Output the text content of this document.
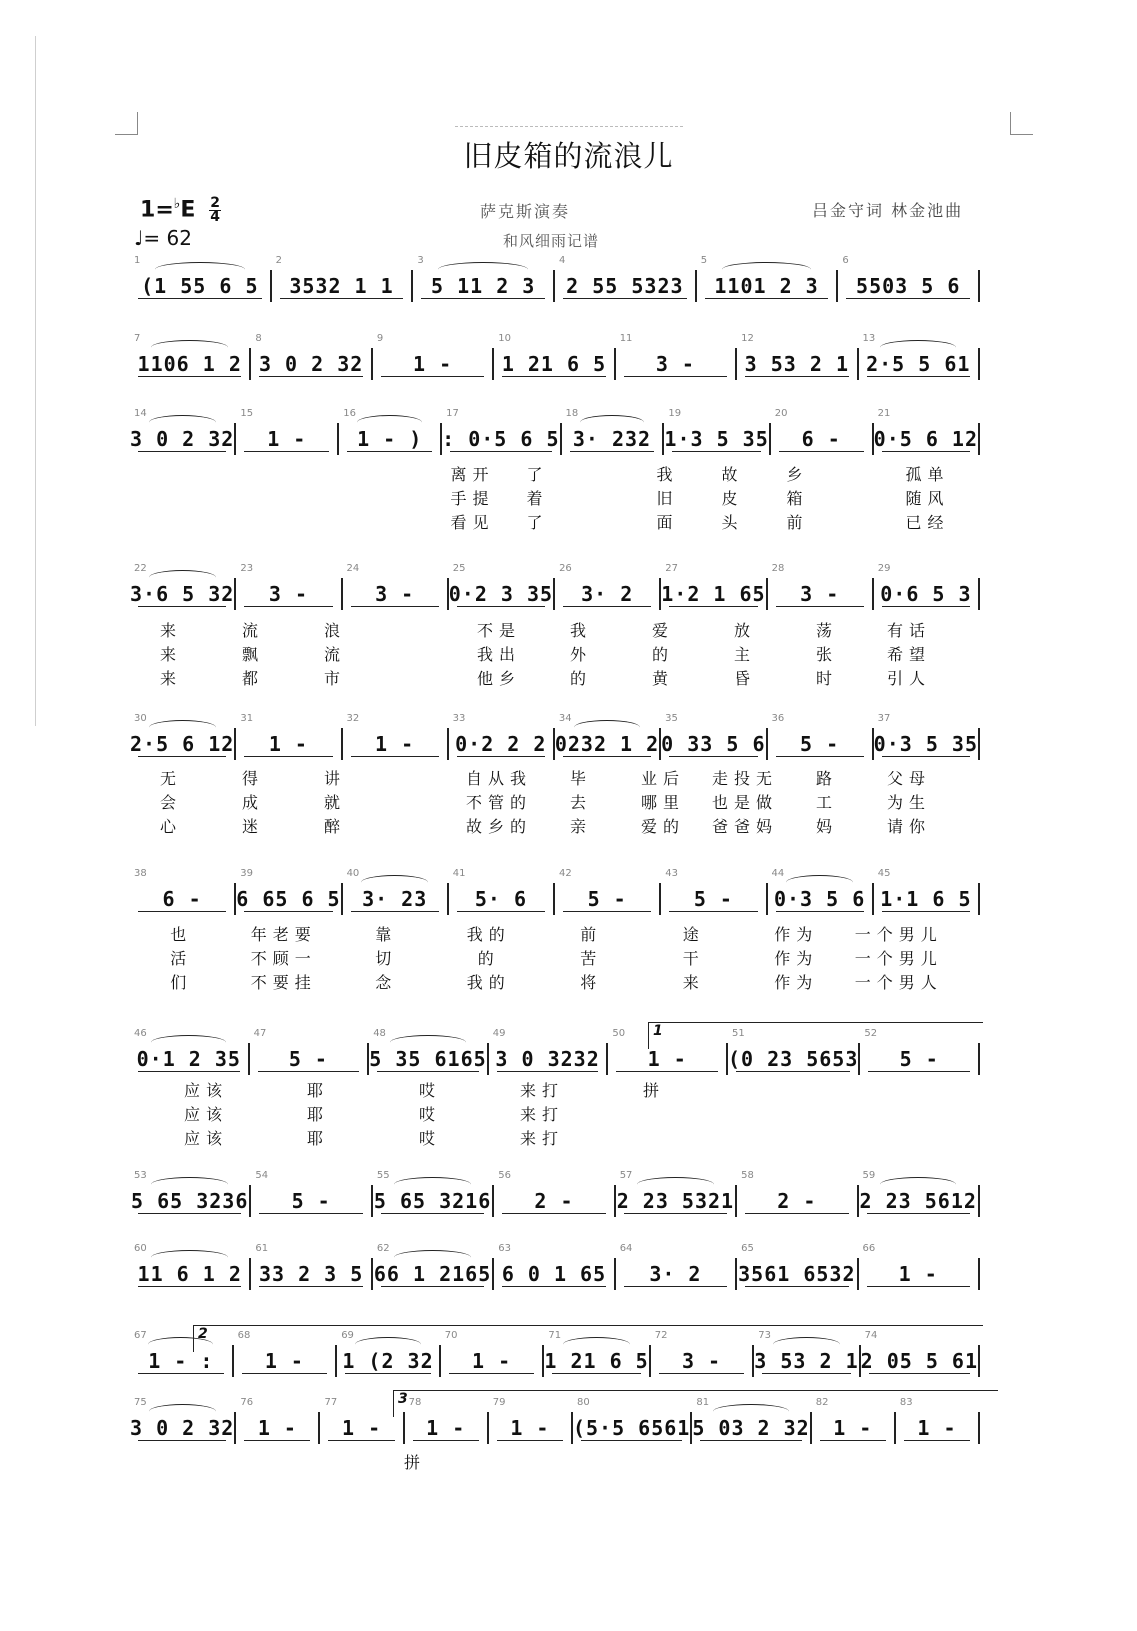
旧皮箱的流浪儿
$1=^♭E \frac{2}{4}$
♩= 62
萨克斯演奏
和风细雨记谱
吕金守词 林金池曲
1
(1 55 6 5
2
3532 1 1
3
5 11 2 3
4
2 55 5323
5
1101 2 3
6
5503 5 6
7
1106 1 2
8
3 0 2 32
9
1 -
10
1 21 6 5
11
3 -
12
3 53 2 1
13
2·5 5 61
14
3 0 2 32
15
1 -
16
1 - )
17
: 0·5 6 5
18
3· 232
19
1·3 5 35
20
6 -
21
0·5 6 12
22
3·6 5 32
23
3 -
24
3 -
25
0·2 3 35
26
3· 2
27
1·2 1 65
28
3 -
29
0·6 5 3
30
2·5 6 12
31
1 -
32
1 -
33
0·2 2 2
34
0232 1 2
35
0 33 5 6
36
5 -
37
0·3 5 35
38
6 -
39
6 65 6 5
40
3· 23
41
5· 6
42
5 -
43
5 -
44
0·3 5 6
45
1·1 6 5
46
0·1 2 35
47
5 -
48
5 35 6165
49
3 0 3232
50
1 -
51
(0 23 5653
52
5 -
53
5 65 3236
54
5 -
55
5 65 3216
56
2 -
57
2 23 5321
58
2 -
59
2 23 5612
60
11 6 1 2
61
33 2 3 5
62
66 1 2165
63
6 0 1 65
64
3· 2
65
3561 6532
66
1 -
67
1 - :
68
1 -
69
1 (2 32
70
1 -
71
1 21 6 5
72
3 -
73
3 53 2 1
74
2 05 5 61
75
3 0 2 32
76
1 -
77
1 -
78
1 -
79
1 -
80
(5·5 6561
81
5 03 2 32
82
1 -
83
1 -
离开	了	我	故	乡	孤单
手提	着	旧	皮	箱	随风
看见	了	面	头	前	已经
来	流	浪	不是	我	爱	放	荡	有话
来	飘	流	我出	外	的	主	张	希望
来	都	市	他乡	的	黄	昏	时	引人
无	得	讲	自从我	毕	业后	走投无	路	父母
会	成	就	不管的	去	哪里	也是做	工	为生
心	迷	醉	故乡的	亲	爱的	爸爸妈	妈	请你
也	年老要	靠	我的	前	途	作为	一个男儿
活	不顾一	切	的	苦	干	作为	一个男儿
们	不要挂	念	我的	将	来	作为	一个男人
应该	耶	哎	来打	拼
应该	耶	哎	来打
应该	耶	哎	来打
1
2
3
拼
